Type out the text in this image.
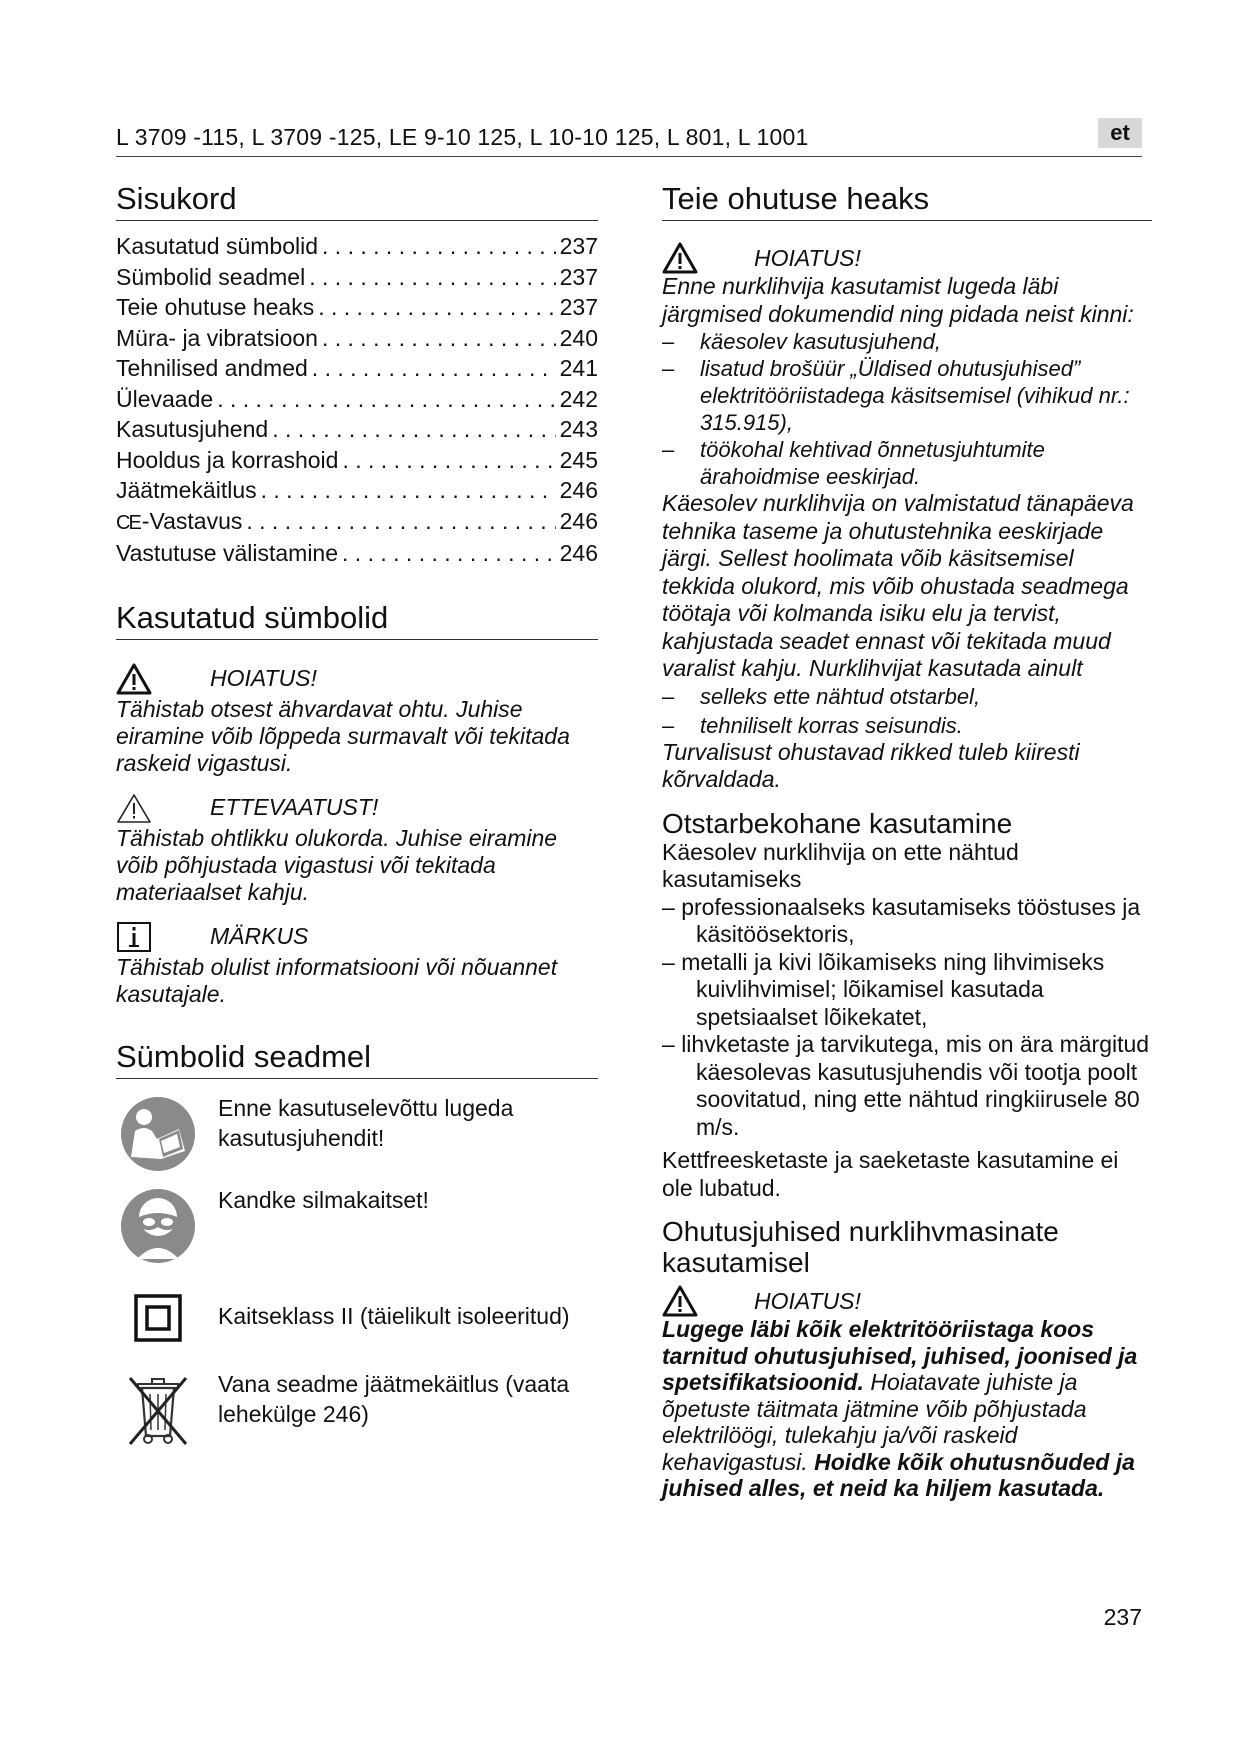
L 3709 -115, L 3709 -125, LE 9-10 125, L 10-10 125, L 801, L 1001	et
Sisukord
Kasutatud sümbolid . . .	237
Sümbolid seadmel . . .	237
Teie ohutuse heaks . . .	237
Müra- ja vibratsioon . . .	240
Tehnilised andmed . . .	241
Ülevaade . . .	242
Kasutusjuhend . . .	243
Hooldus ja korrashoid . . .	245
Jäätmekäitlus . . .	246
CE-Vastavus . . .	246
Vastutuse välistamine . . .	246
Kasutatud sümbolid
HOIATUS!
Tähistab otsest ähvardavat ohtu. Juhise eiramine võib lõppeda surmavalt või tekitada raskeid vigastusi.
ETTEVAATUST!
Tähistab ohtlikku olukorda. Juhise eiramine võib põhjustada vigastusi või tekitada materiaalset kahju.
MÄRKUS
Tähistab olulist informatsiooni või nõuannet kasutajale.
Sümbolid seadmel
Enne kasutuselevõttu lugeda kasutusjuhendit!
Kandke silmakaitset!
Kaitseklass II (täielikult isoleeritud)
Vana seadme jäätmekäitlus (vaata lehekülge 246)
Teie ohutuse heaks
HOIATUS!
Enne nurklihvija kasutamist lugeda läbi järgmised dokumendid ning pidada neist kinni:
–	käesolev kasutusjuhend,
–	lisatud brošüür „Üldised ohutusjuhised” elektritööriistadega käsitsemisel (vihikud nr.: 315.915),
–	töökohal kehtivad õnnetusjuhtumite ärahoidmise eeskirjad.
Käesolev nurklihvija on valmistatud tänapäeva tehnika taseme ja ohutustehnika eeskirjade järgi. Sellest hoolimata võib käsitsemisel tekkida olukord, mis võib ohustada seadmega töötaja või kolmanda isiku elu ja tervist, kahjustada seadet ennast või tekitada muud varalist kahju. Nurklihvijat kasutada ainult
–	selleks ette nähtud otstarbel,
–	tehniliselt korras seisundis.
Turvalisust ohustavad rikked tuleb kiiresti kõrvaldada.
Otstarbekohane kasutamine
Käesolev nurklihvija on ette nähtud kasutamiseks
– professionaalseks kasutamiseks tööstuses ja käsitöösektoris,
– metalli ja kivi lõikamiseks ning lihvimiseks kuivlihvimisel; lõikamisel kasutada spetsiaalset lõikekatet,
– lihvketaste ja tarvikutega, mis on ära märgitud käesolevas kasutusjuhendis või tootja poolt soovitatud, ning ette nähtud ringkiirusele 80 m/s.
Kettfreesketaste ja saeketaste kasutamine ei ole lubatud.
Ohutusjuhised nurklihvmasinate kasutamisel
HOIATUS!
Lugege läbi kõik elektritööriistaga koos tarnitud ohutusjuhised, juhised, joonised ja spetsifikatsioonid. Hoiatavate juhiste ja õpetuste täitmata jätmine võib põhjustada elektrilöögi, tulekahju ja/või raskeid kehavigastusi. Hoidke kõik ohutusnõuded ja juhised alles, et neid ka hiljem kasutada.
237
